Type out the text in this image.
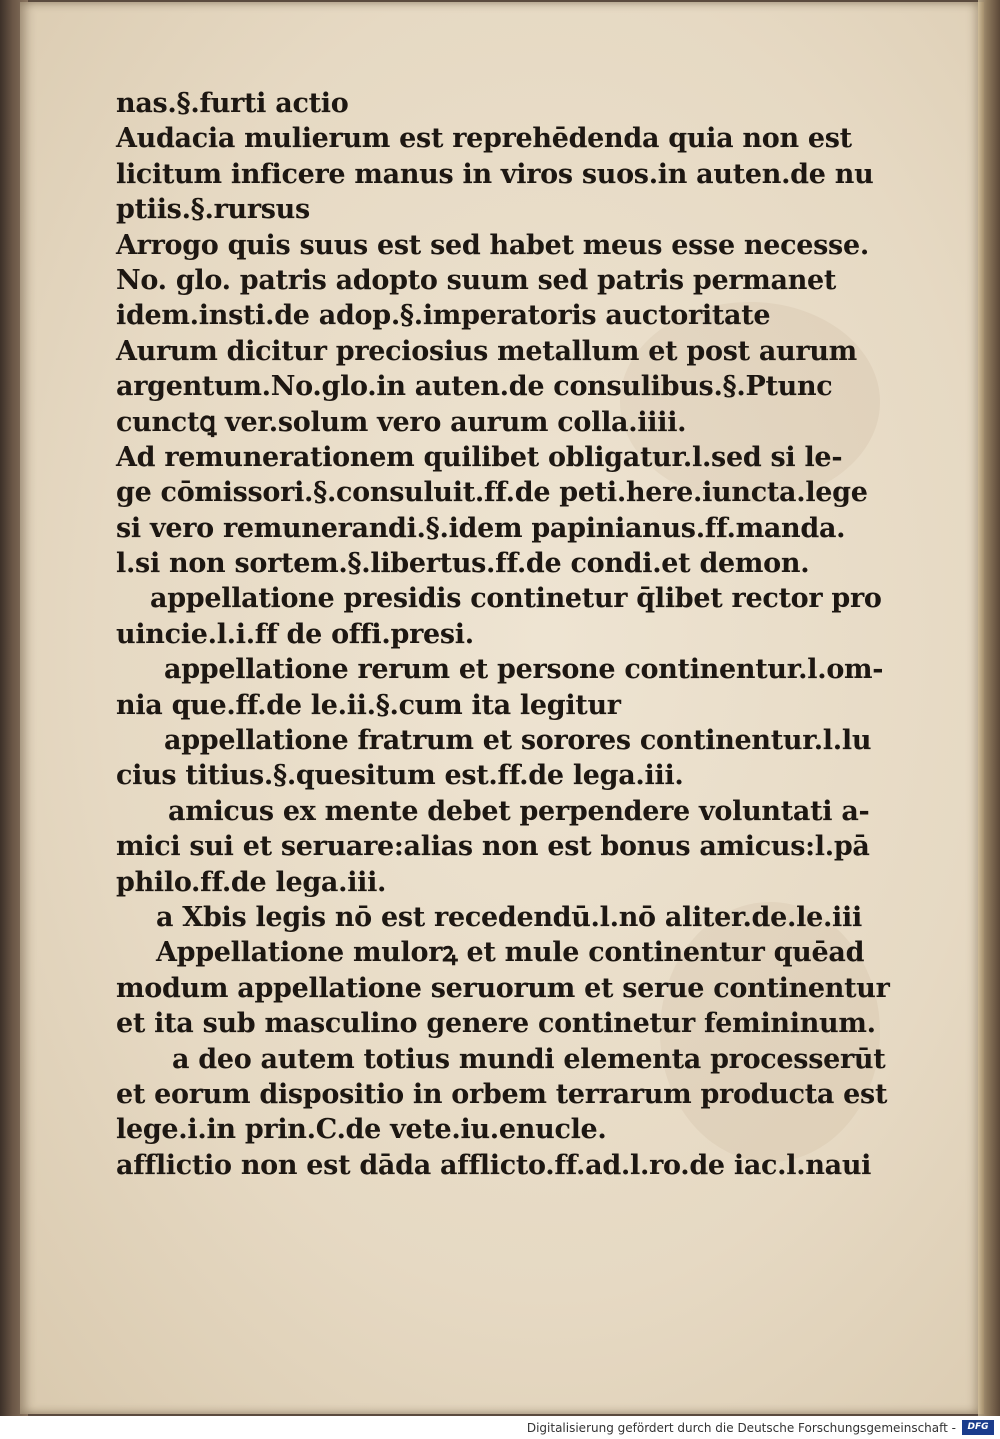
nas.§.furti actio
Audacia mulierum est reprehēdenda quia non est
licitum inficere manus in viros suos.in auten.de nu
ptiis.§.rursus
Arrogo quis suus est sed habet meus esse necesse.
No. glo. patris adopto suum sed patris permanet
idem.insti.de adop.§.imperatoris auctoritate
Aurum dicitur preciosius metallum et post aurum
argentum.No.glo.in auten.de consulibus.§.Ptunc
cunctꝗ ver.solum vero aurum colla.iiii.
Ad remunerationem quilibet obligatur.l.sed si le-
ge cōmissori.§.consuluit.ff.de peti.here.iuncta.lege
si vero remunerandi.§.idem papinianus.ff.manda.
l.si non sortem.§.libertus.ff.de condi.et demon.
appellatione presidis continetur q̄libet rector pro
uincie.l.i.ff de offi.presi.
appellatione rerum et persone continentur.l.om-
nia que.ff.de le.ii.§.cum ita legitur
appellatione fratrum et sorores continentur.l.lu
cius titius.§.quesitum est.ff.de lega.iii.
amicus ex mente debet perpendere voluntati a-
mici sui et seruare:alias non est bonus amicus:l.pā
philo.ff.de lega.iii.
a Xbis legis nō est recedendū.l.nō aliter.de.le.iii
Appellatione mulorꝝ et mule continentur quēad
modum appellatione seruorum et serue continentur
et ita sub masculino genere continetur femininum.
a deo autem totius mundi elementa processerūt
et eorum dispositio in orbem terrarum producta est
lege.i.in prin.C.de vete.iu.enucle.
afflictio non est dāda afflicto.ff.ad.l.ro.de iac.l.naui
Digitalisierung gefördert durch die Deutsche Forschungsgemeinschaft -	DFG
